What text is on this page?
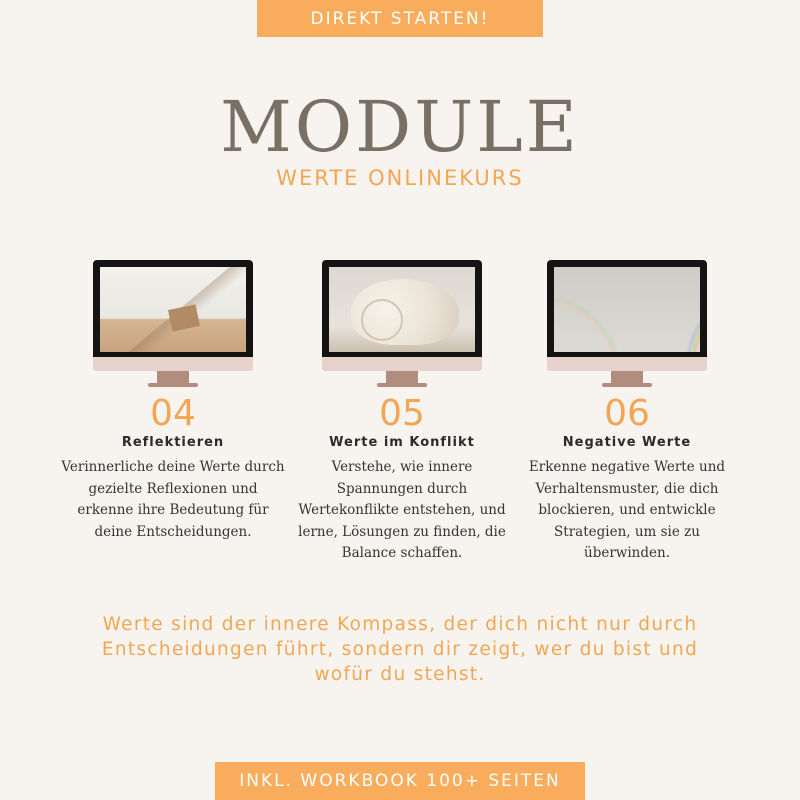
DIREKT STARTEN!
MODULE
WERTE ONLINEKURS
04
Reflektieren
Verinnerliche deine Werte durch gezielte Reflexionen und erkenne ihre Bedeutung für deine Entscheidungen.
05
Werte im Konflikt
Verstehe, wie innere Spannungen durch Wertekonflikte entstehen, und lerne, Lösungen zu finden, die Balance schaffen.
06
Negative Werte
Erkenne negative Werte und Verhaltensmuster, die dich blockieren, und entwickle Strategien, um sie zu überwinden.
Werte sind der innere Kompass, der dich nicht nur durch Entscheidungen führt, sondern dir zeigt, wer du bist und wofür du stehst.
INKL. WORKBOOK 100+ SEITEN
